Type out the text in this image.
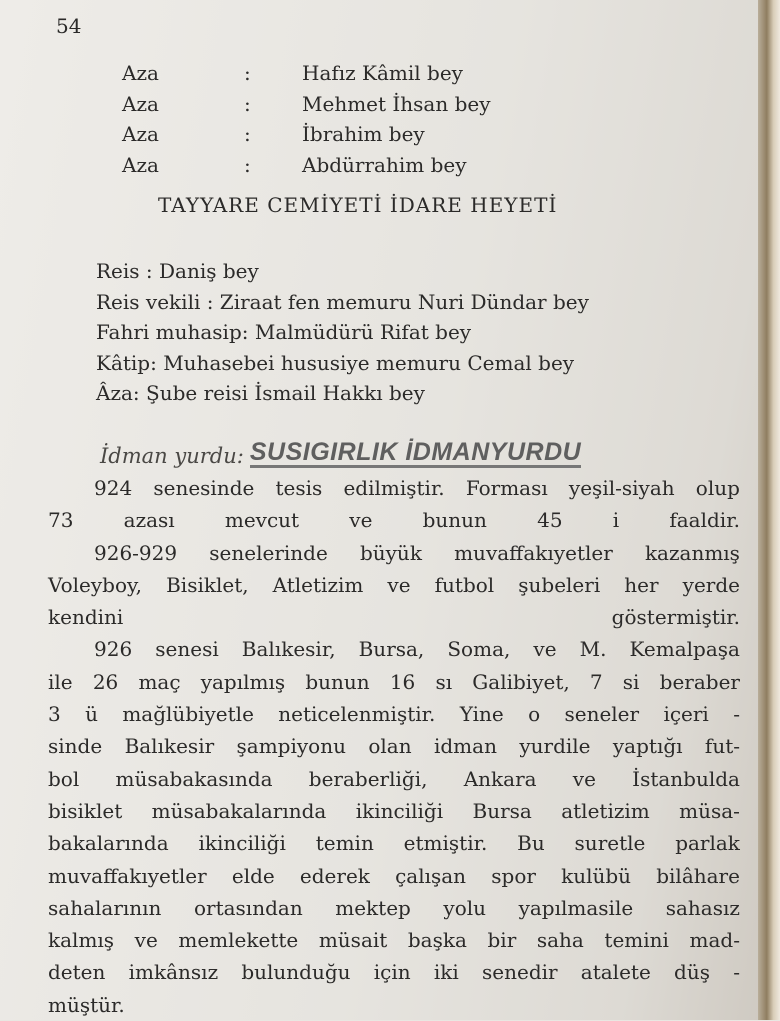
54
Aza	:	Hafız Kâmil bey
Aza	:	Mehmet İhsan bey
Aza	:	İbrahim bey
Aza	:	Abdürrahim bey
TAYYARE CEMİYETİ İDARE HEYETİ
Reis : Daniş bey
Reis vekili : Ziraat fen memuru Nuri Dündar bey
Fahri muhasip: Malmüdürü Rifat bey
Kâtip: Muhasebei hususiye memuru Cemal bey
Âza: Şube reisi İsmail Hakkı bey
İdman yurdu: SUSIGIRLIK İDMANYURDU
924 senesinde tesis edilmiştir. Forması yeşil-siyah olup
73	azası	mevcut	ve	bunun	45	i	faaldir.
926-929 senelerinde büyük muvaffakıyetler kazanmış
Voleyboy, Bisiklet, Atletizim ve futbol şubeleri her yerde
kendini	göstermiştir.
926 senesi Balıkesir, Bursa, Soma, ve M. Kemalpaşa
ile 26 maç yapılmış bunun 16 sı Galibiyet, 7 si beraber
3 ü mağlübiyetle neticelenmiştir. Yine o seneler içeri -
sinde Balıkesir şampiyonu olan idman yurdile yaptığı fut-
bol müsabakasında beraberliği, Ankara ve İstanbulda
bisiklet müsabakalarında ikinciliği Bursa atletizim müsa-
bakalarında ikinciliği temin etmiştir. Bu suretle parlak
muvaffakıyetler elde ederek çalışan spor kulübü bilâhare
sahalarının ortasından mektep yolu yapılmasile sahasız
kalmış ve memlekette müsait başka bir saha temini mad-
deten imkânsız bulunduğu için iki senedir atalete düş -
müştür.
